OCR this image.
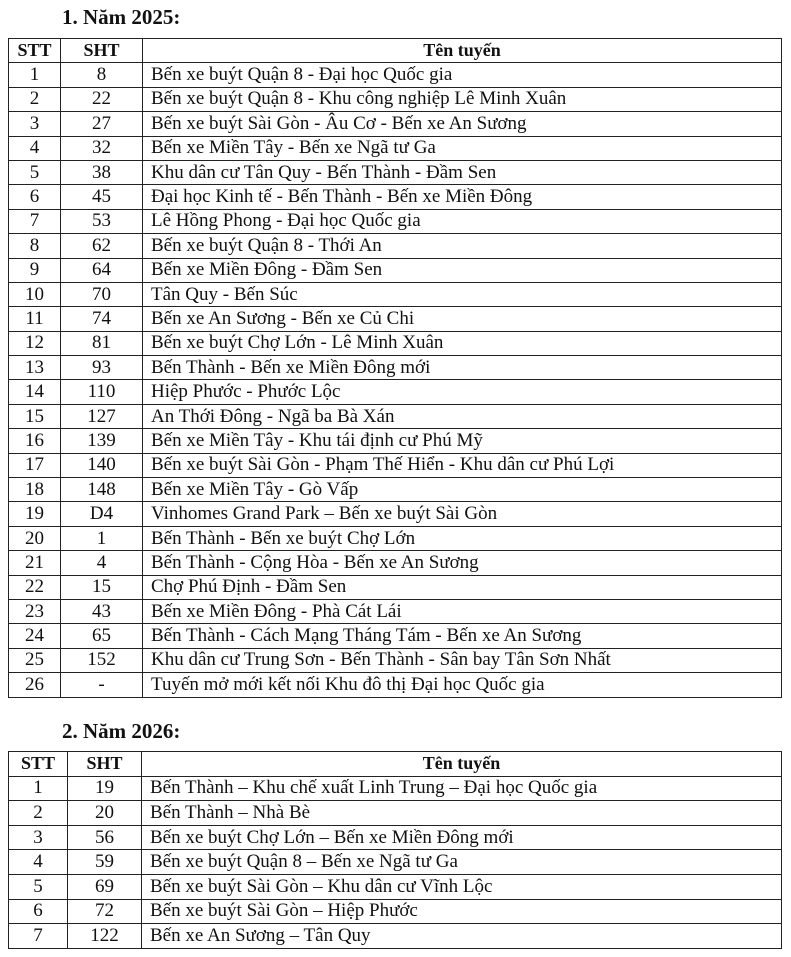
1. Năm 2025:
STT	SHT	Tên tuyến
1	8	Bến xe buýt Quận 8 - Đại học Quốc gia
2	22	Bến xe buýt Quận 8 - Khu công nghiệp Lê Minh Xuân
3	27	Bến xe buýt Sài Gòn - Âu Cơ - Bến xe An Sương
4	32	Bến xe Miền Tây - Bến xe Ngã tư Ga
5	38	Khu dân cư Tân Quy - Bến Thành - Đầm Sen
6	45	Đại học Kinh tế - Bến Thành - Bến xe Miền Đông
7	53	Lê Hồng Phong - Đại học Quốc gia
8	62	Bến xe buýt Quận 8 - Thới An
9	64	Bến xe Miền Đông - Đầm Sen
10	70	Tân Quy - Bến Súc
11	74	Bến xe An Sương - Bến xe Củ Chi
12	81	Bến xe buýt Chợ Lớn - Lê Minh Xuân
13	93	Bến Thành - Bến xe Miền Đông mới
14	110	Hiệp Phước - Phước Lộc
15	127	An Thới Đông - Ngã ba Bà Xán
16	139	Bến xe Miền Tây - Khu tái định cư Phú Mỹ
17	140	Bến xe buýt Sài Gòn - Phạm Thế Hiển - Khu dân cư Phú Lợi
18	148	Bến xe Miền Tây - Gò Vấp
19	D4	Vinhomes Grand Park – Bến xe buýt Sài Gòn
20	1	Bến Thành - Bến xe buýt Chợ Lớn
21	4	Bến Thành - Cộng Hòa - Bến xe An Sương
22	15	Chợ Phú Định - Đầm Sen
23	43	Bến xe Miền Đông - Phà Cát Lái
24	65	Bến Thành - Cách Mạng Tháng Tám - Bến xe An Sương
25	152	Khu dân cư Trung Sơn - Bến Thành - Sân bay Tân Sơn Nhất
26	-	Tuyến mở mới kết nối Khu đô thị Đại học Quốc gia
2. Năm 2026:
STT	SHT	Tên tuyến
1	19	Bến Thành – Khu chế xuất Linh Trung – Đại học Quốc gia
2	20	Bến Thành – Nhà Bè
3	56	Bến xe buýt Chợ Lớn – Bến xe Miền Đông mới
4	59	Bến xe buýt Quận 8 – Bến xe Ngã tư Ga
5	69	Bến xe buýt Sài Gòn – Khu dân cư Vĩnh Lộc
6	72	Bến xe buýt Sài Gòn – Hiệp Phước
7	122	Bến xe An Sương – Tân Quy
